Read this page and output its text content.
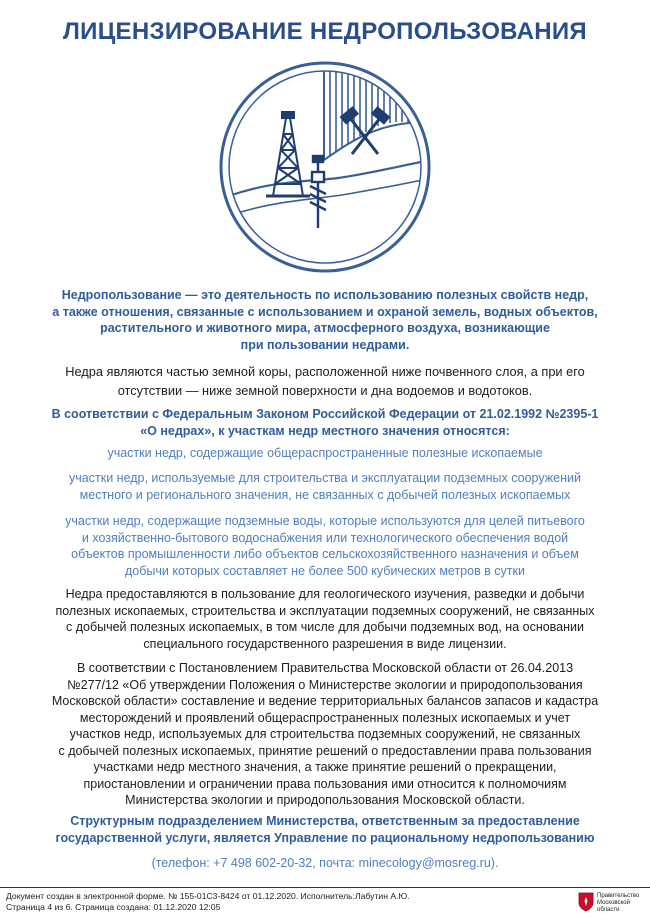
ЛИЦЕНЗИРОВАНИЕ НЕДРОПОЛЬЗОВАНИЯ
Недропользование — это деятельность по использованию полезных свойств недр,
а также отношения, связанные с использованием и охраной земель, водных объектов,
растительного и животного мира, атмосферного воздуха, возникающие
при пользовании недрами.
Недра являются частью земной коры, расположенной ниже почвенного слоя, а при его
отсутствии — ниже земной поверхности и дна водоемов и водотоков.
В соответствии с Федеральным Законом Российской Федерации от 21.02.1992 №2395-1
«О недрах», к участкам недр местного значения относятся:
участки недр, содержащие общераспространенные полезные ископаемые
участки недр, используемые для строительства и эксплуатации подземных сооружений
местного и регионального значения, не связанных с добычей полезных ископаемых
участки недр, содержащие подземные воды, которые используются для целей питьевого
и хозяйственно-бытового водоснабжения или технологического обеспечения водой
объектов промышленности либо объектов сельскохозяйственного назначения и объем
добычи которых составляет не более 500 кубических метров в сутки
Недра предоставляются в пользование для геологического изучения, разведки и добычи
полезных ископаемых, строительства и эксплуатации подземных сооружений, не связанных
с добычей полезных ископаемых, в том числе для добычи подземных вод, на основании
специального государственного разрешения в виде лицензии.
В соответствии с Постановлением Правительства Московской области от 26.04.2013
№277/12 «Об утверждении Положения о Министерстве экологии и природопользования
Московской области» составление и ведение территориальных балансов запасов и кадастра
месторождений и проявлений общераспространенных полезных ископаемых и учет
участков недр, используемых для строительства подземных сооружений, не связанных
с добычей полезных ископаемых, принятие решений о предоставлении права пользования
участками недр местного значения, а также принятие решений о прекращении,
приостановлении и ограничении права пользования ими относится к полномочиям
Министерства экологии и природопользования Московской области.
Структурным подразделением Министерства, ответственным за предоставление
государственной услуги, является Управление по рациональному недропользованию
(телефон: +7 498 602-20-32, почта: minecology@mosreg.ru).
Документ создан в электронной форме. № 155-01С3-8424 от 01.12.2020. Исполнитель:Лабутин А.Ю.
Страница 4 из 6. Страница создана: 01.12.2020 12:05
Правительство
Московской области
